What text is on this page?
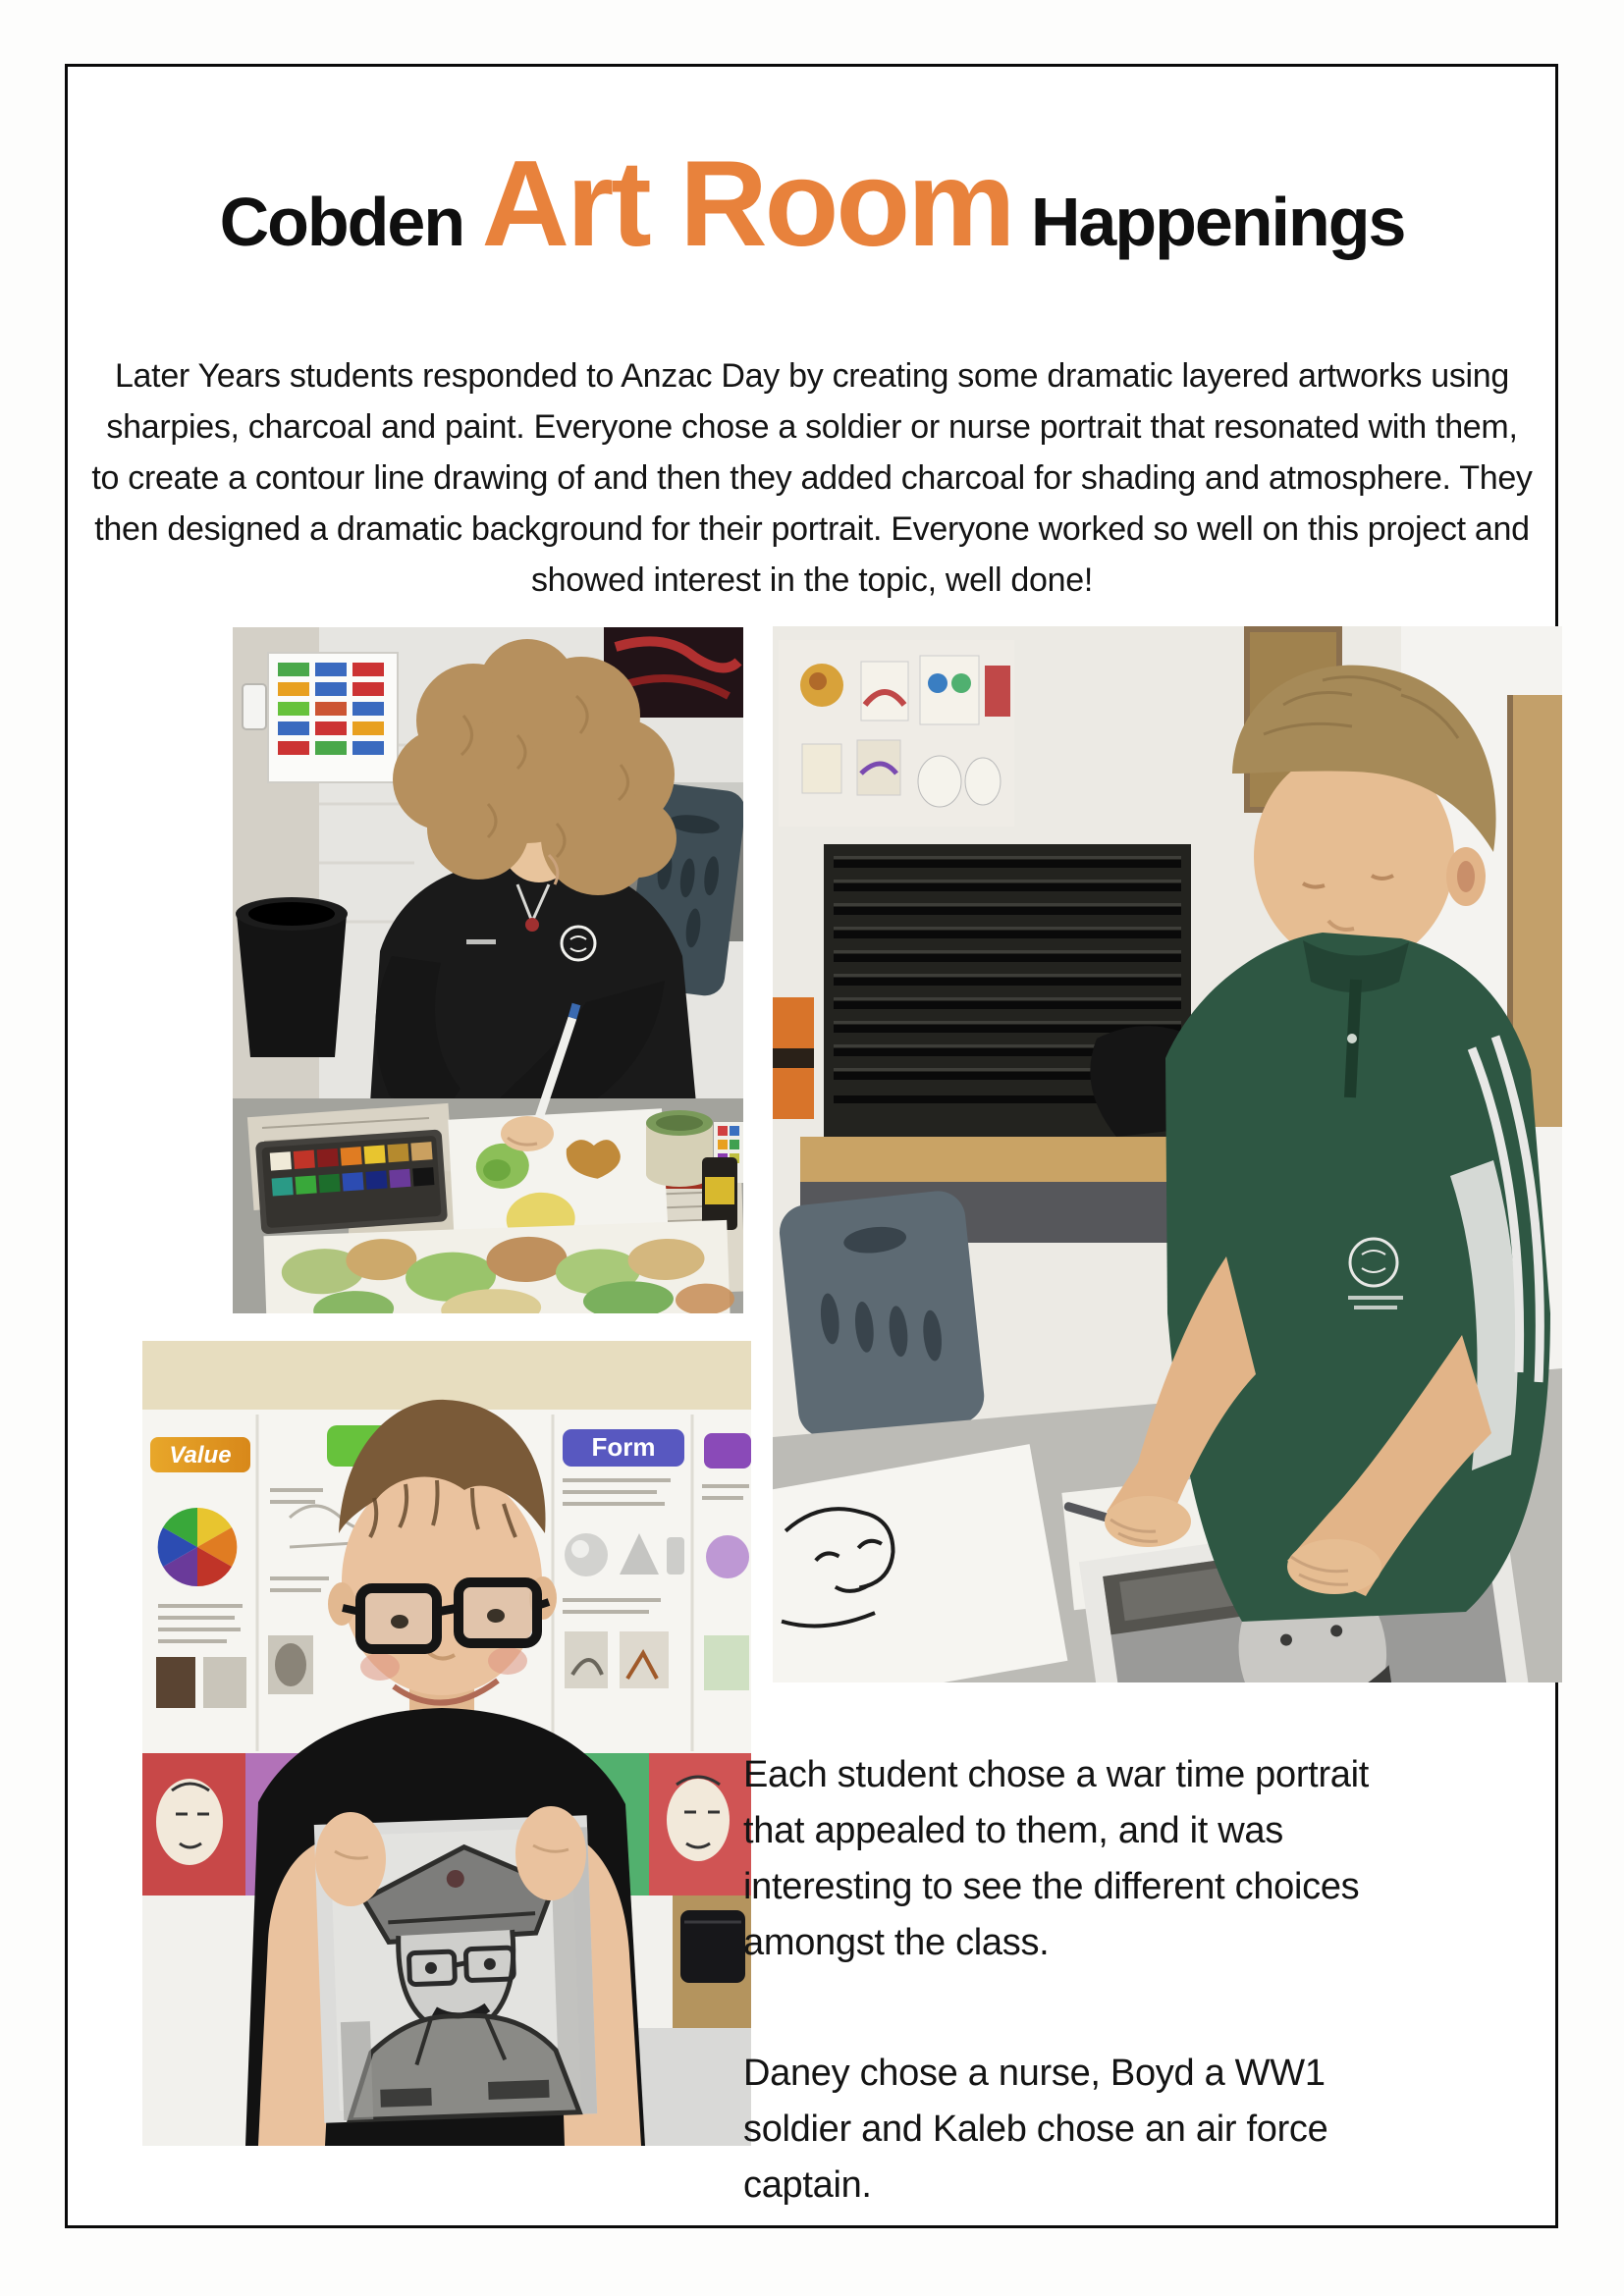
Cobden Art Room Happenings

Later Years students responded to Anzac Day by creating some dramatic layered artworks using sharpies, charcoal and paint. Everyone chose a soldier or nurse portrait that resonated with them, to create a contour line drawing of and then they added charcoal for shading and atmosphere. They then designed a dramatic background for their portrait. Everyone worked so well on this project and showed interest in the topic, well done!

Value	Form

Each student chose a war time portrait that appealed to them, and it was interesting to see the different choices amongst the class.

Daney chose a nurse, Boyd a WW1 soldier and Kaleb chose an air force captain.
